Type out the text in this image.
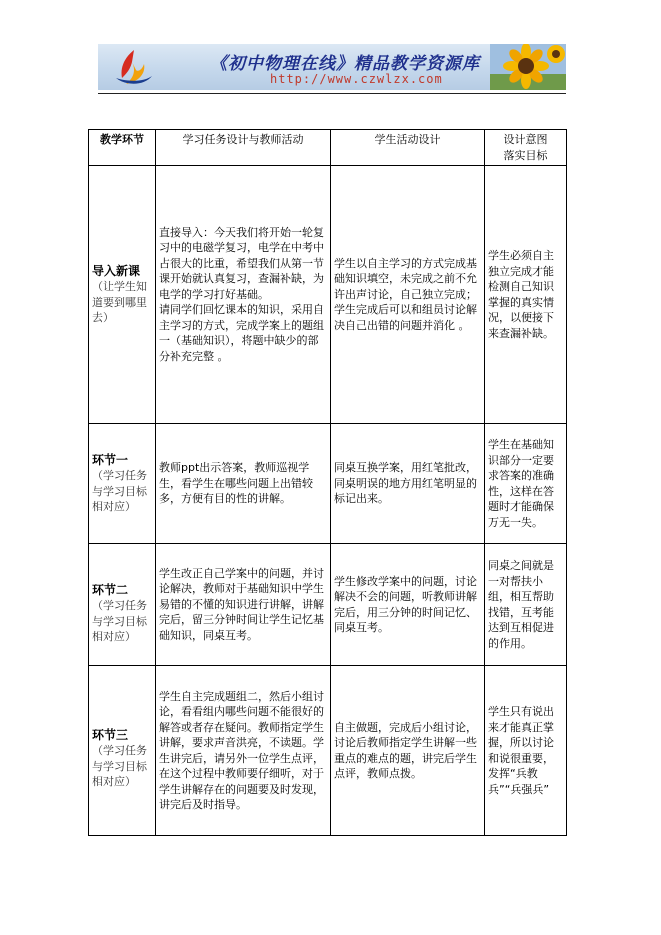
《初中物理在线》精品教学资源库
http://www.czwlzx.com
教学环节	学习任务设计与教师活动	学生活动设计	设计意图
落实目标

导入新课
（让学生知道要到哪里去）	直接导入：今天我们将开始一轮复习中的电磁学复习，电学在中考中占很大的比重，希望我们从第一节课开始就认真复习，查漏补缺，为电学的学习打好基础。
请同学们回忆课本的知识，采用自主学习的方式，完成学案上的题组一（基础知识），将题中缺少的部分补充完整 。	学生以自主学习的方式完成基础知识填空，未完成之前不允许出声讨论，自己独立完成；学生完成后可以和组员讨论解决自己出错的问题并消化 。	学生必须自主独立完成才能检测自己知识掌握的真实情况，以便接下来查漏补缺。

环节一
（学习任务与学习目标相对应）	教师ppt出示答案，教师巡视学生，看学生在哪些问题上出错较多，方便有目的性的讲解。	同桌互换学案，用红笔批改，同桌明误的地方用红笔明显的标记出来。	学生在基础知识部分一定要求答案的准确性，这样在答题时才能确保万无一失。

环节二
（学习任务与学习目标相对应）	学生改正自己学案中的问题，并讨论解决，教师对于基础知识中学生易错的不懂的知识进行讲解，讲解完后，留三分钟时间让学生记忆基础知识，同桌互考。	学生修改学案中的问题，讨论解决不会的问题，听教师讲解完后，用三分钟的时间记忆、同桌互考。	同桌之间就是一对帮扶小组，相互帮助找错，互考能达到互相促进的作用。

环节三
（学习任务与学习目标相对应）	学生自主完成题组二，然后小组讨论，看看组内哪些问题不能很好的解答或者存在疑问。教师指定学生讲解，要求声音洪亮，不读题。学生讲完后，请另外一位学生点评，在这个过程中教师要仔细听，对于学生讲解存在的问题要及时发现，讲完后及时指导。	自主做题，完成后小组讨论，讨论后教师指定学生讲解一些重点的难点的题，讲完后学生点评，教师点拨。	学生只有说出来才能真正掌握，所以讨论和说很重要，发挥“兵教兵”“兵强兵”
